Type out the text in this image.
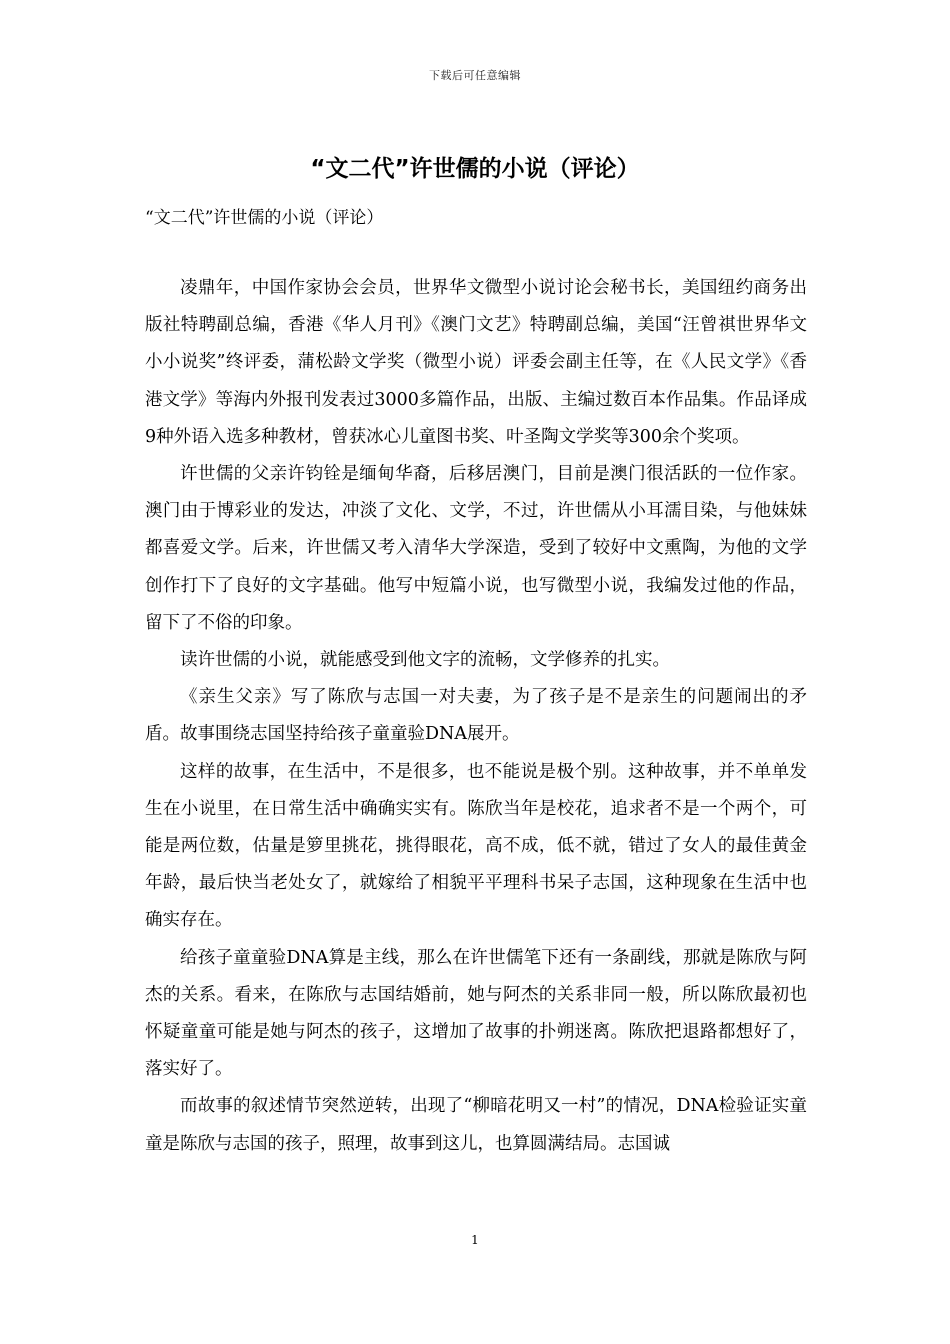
下载后可任意编辑
“文二代”许世儒的小说（评论）
“文二代”许世儒的小说（评论）

凌鼎年，中国作家协会会员，世界华文微型小说讨论会秘书长，美国纽约商务出版社特聘副总编，香港《华人月刊》《澳门文艺》特聘副总编，美国“汪曾祺世界华文小小说奖”终评委，蒲松龄文学奖（微型小说）评委会副主任等，在《人民文学》《香港文学》等海内外报刊发表过3000多篇作品，出版、主编过数百本作品集。作品译成9种外语入选多种教材，曾获冰心儿童图书奖、叶圣陶文学奖等300余个奖项。

许世儒的父亲许钧铨是缅甸华裔，后移居澳门，目前是澳门很活跃的一位作家。澳门由于博彩业的发达，冲淡了文化、文学，不过，许世儒从小耳濡目染，与他妹妹都喜爱文学。后来，许世儒又考入清华大学深造，受到了较好中文熏陶，为他的文学创作打下了良好的文字基础。他写中短篇小说，也写微型小说，我编发过他的作品，留下了不俗的印象。

读许世儒的小说，就能感受到他文字的流畅，文学修养的扎实。

《亲生父亲》写了陈欣与志国一对夫妻，为了孩子是不是亲生的问题闹出的矛盾。故事围绕志国坚持给孩子童童验DNA展开。

这样的故事，在生活中，不是很多，也不能说是极个别。这种故事，并不单单发生在小说里，在日常生活中确确实实有。陈欣当年是校花，追求者不是一个两个，可能是两位数，估量是箩里挑花，挑得眼花，高不成，低不就，错过了女人的最佳黄金年龄，最后快当老处女了，就嫁给了相貌平平理科书呆子志国，这种现象在生活中也确实存在。

给孩子童童验DNA算是主线，那么在许世儒笔下还有一条副线，那就是陈欣与阿杰的关系。看来，在陈欣与志国结婚前，她与阿杰的关系非同一般，所以陈欣最初也怀疑童童可能是她与阿杰的孩子，这增加了故事的扑朔迷离。陈欣把退路都想好了，落实好了。

而故事的叙述情节突然逆转，出现了“柳暗花明又一村”的情况，DNA检验证实童童是陈欣与志国的孩子，照理，故事到这儿，也算圆满结局。志国诚

1
